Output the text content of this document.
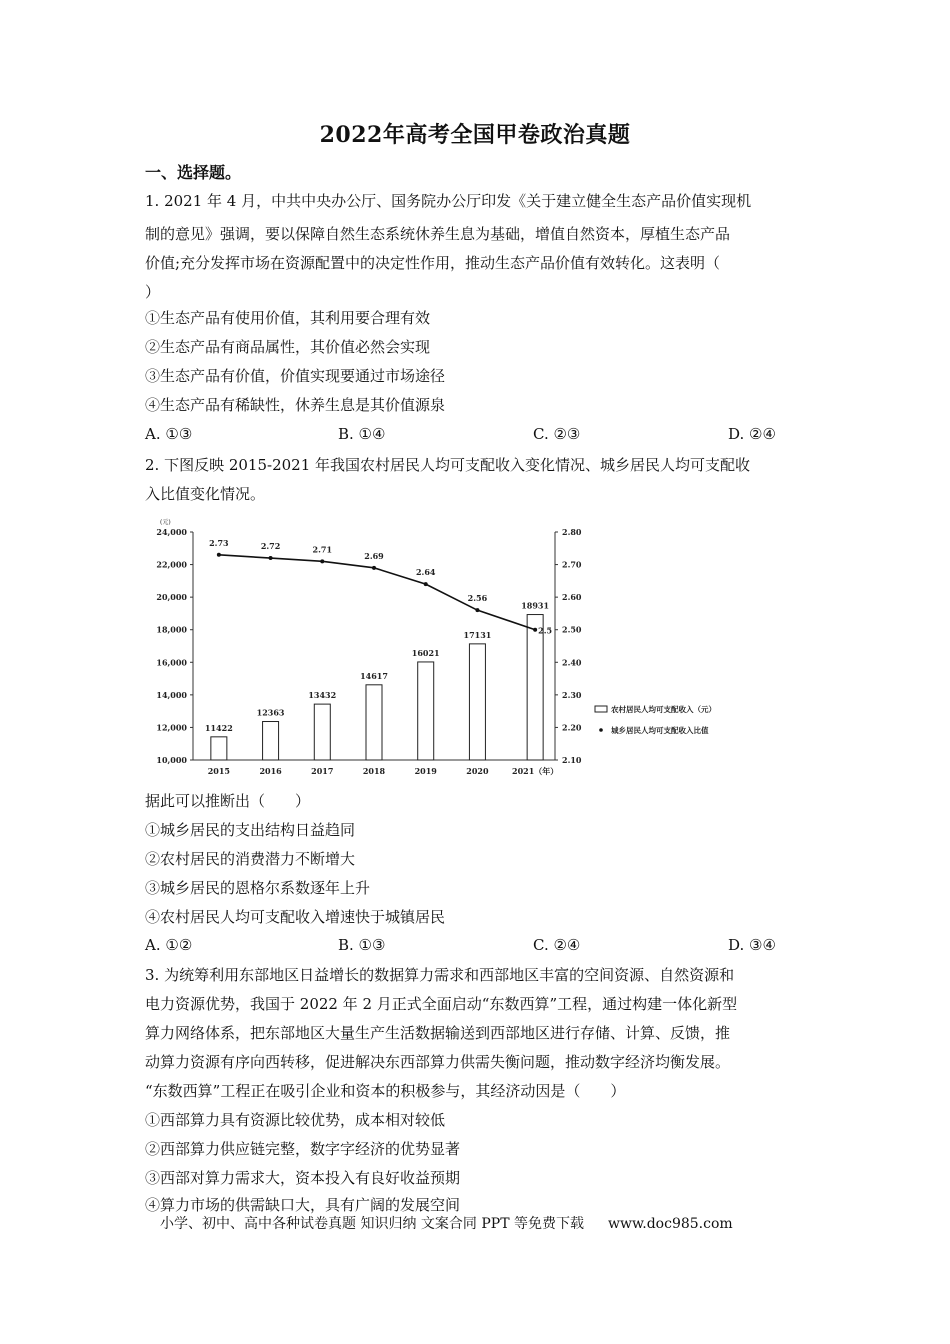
2022年高考全国甲卷政治真题
一、选择题。
1. 2021 年 4 月，中共中央办公厅、国务院办公厅印发《关于建立健全生态产品价值实现机
制的意见》强调，要以保障自然生态系统休养生息为基础，增值自然资本，厚植生态产品
价值;充分发挥市场在资源配置中的决定性作用，推动生态产品价值有效转化。这表明（
）
①生态产品有使用价值，其利用要合理有效
②生态产品有商品属性，其价值必然会实现
③生态产品有价值，价值实现要通过市场途径
④生态产品有稀缺性，休养生息是其价值源泉
A. ①③	B. ①④	C. ②③	D. ②④
2. 下图反映 2015-2021 年我国农村居民人均可支配收入变化情况、城乡居民人均可支配收
入比值变化情况。
(元)
24,000
22,000
20,000
18,000
16,000
14,000
12,000
10,000
2.80
2.70
2.60
2.50
2.40
2.30
2.20
2.10
2015	2016	2017	2018	2019	2020	2021（年）
11422
12363
13432
14617
16021
17131
18931
2.73	2.72	2.71
2.69
2.64
2.56
2.5
农村居民人均可支配收入（元）
城乡居民人均可支配收入比值
据此可以推断出（　　）
①城乡居民的支出结构日益趋同
②农村居民的消费潜力不断增大
③城乡居民的恩格尔系数逐年上升
④农村居民人均可支配收入增速快于城镇居民
A. ①②	B. ①③	C. ②④	D. ③④
3. 为统筹利用东部地区日益增长的数据算力需求和西部地区丰富的空间资源、自然资源和
电力资源优势，我国于 2022 年 2 月正式全面启动“东数西算”工程，通过构建一体化新型
算力网络体系，把东部地区大量生产生活数据输送到西部地区进行存储、计算、反馈，推
动算力资源有序向西转移，促进解决东西部算力供需失衡问题，推动数字经济均衡发展。
“东数西算”工程正在吸引企业和资本的积极参与，其经济动因是（　　）
①西部算力具有资源比较优势，成本相对较低
②西部算力供应链完整，数字字经济的优势显著
③西部对算力需求大，资本投入有良好收益预期
④算力市场的供需缺口大，具有广阔的发展空间
小学、初中、高中各种试卷真题 知识归纳 文案合同 PPT 等免费下载 www.doc985.com
